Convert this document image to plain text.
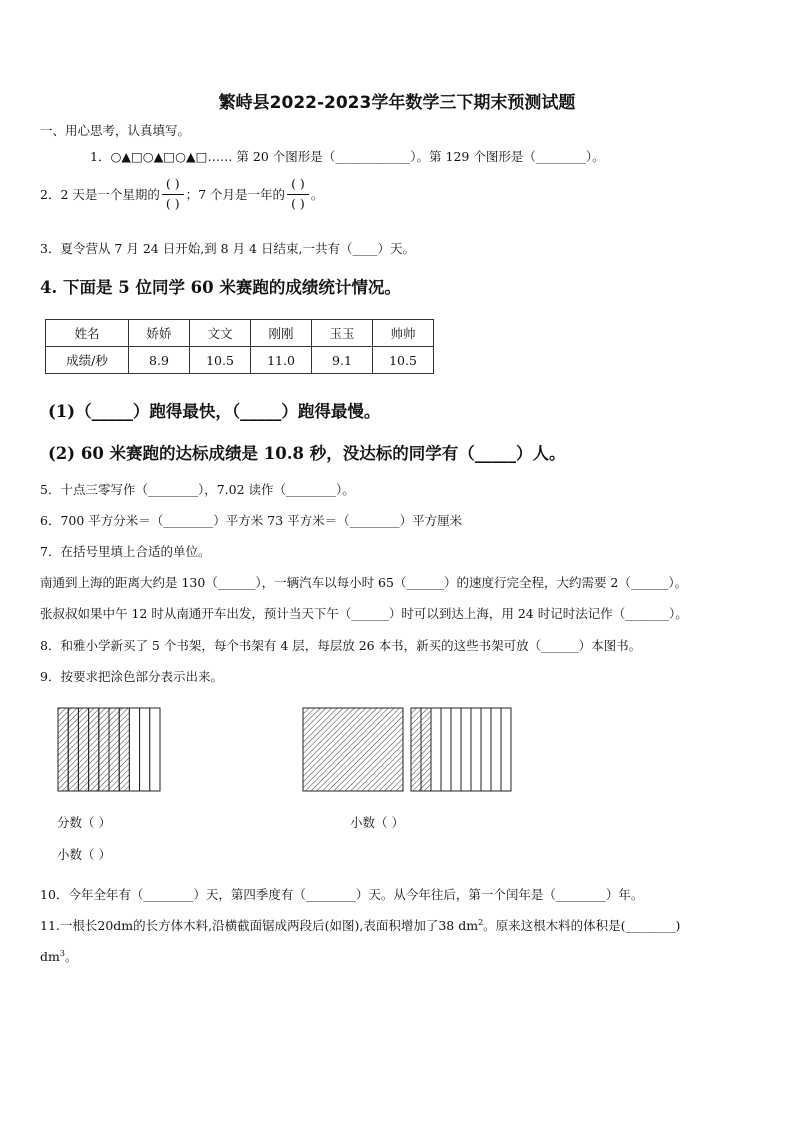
繁峙县2022-2023学年数学三下期末预测试题
一、用心思考，认真填写。
1．○▲□○▲□○▲□…… 第 20 个图形是（____________）。第 129 个图形是（________）。
2．2 天是一个星期的 $\frac{( )}{( )}$ ；7 个月是一年的 $\frac{( )}{( )}$ 。
3．夏令营从 7 月 24 日开始,到 8 月 4 日结束,一共有（____）天。
4. 下面是 5 位同学 60 米赛跑的成绩统计情况。
姓名	娇娇	文文	刚刚	玉玉	帅帅
成绩/秒	8.9	10.5	11.0	9.1	10.5
(1)（_____）跑得最快，（_____）跑得最慢。
(2) 60 米赛跑的达标成绩是 10.8 秒，没达标的同学有（_____）人。
5．十点三零写作（________），7.02 读作（________）。
6．700 平方分米＝（________）平方米 73 平方米＝（________）平方厘米
7．在括号里填上合适的单位。
南通到上海的距离大约是 130（______），一辆汽车以每小时 65（______）的速度行完全程，大约需要 2（______）。
张叔叔如果中午 12 时从南通开车出发，预计当天下午（______）时可以到达上海，用 24 时记时法记作（_______）。
8．和雅小学新买了 5 个书架，每个书架有 4 层，每层放 26 本书，新买的这些书架可放（______）本图书。
9．按要求把涂色部分表示出来。
分数（ ）
小数（ ）
小数（ ）
10．今年全年有（________）天，第四季度有（________）天。从今年往后，第一个闰年是（________）年。
11.一根长20dm的长方体木料,沿横截面锯成两段后(如图),表面积增加了38 $dm^2$。原来这根木料的体积是(________)
$dm^3$。
